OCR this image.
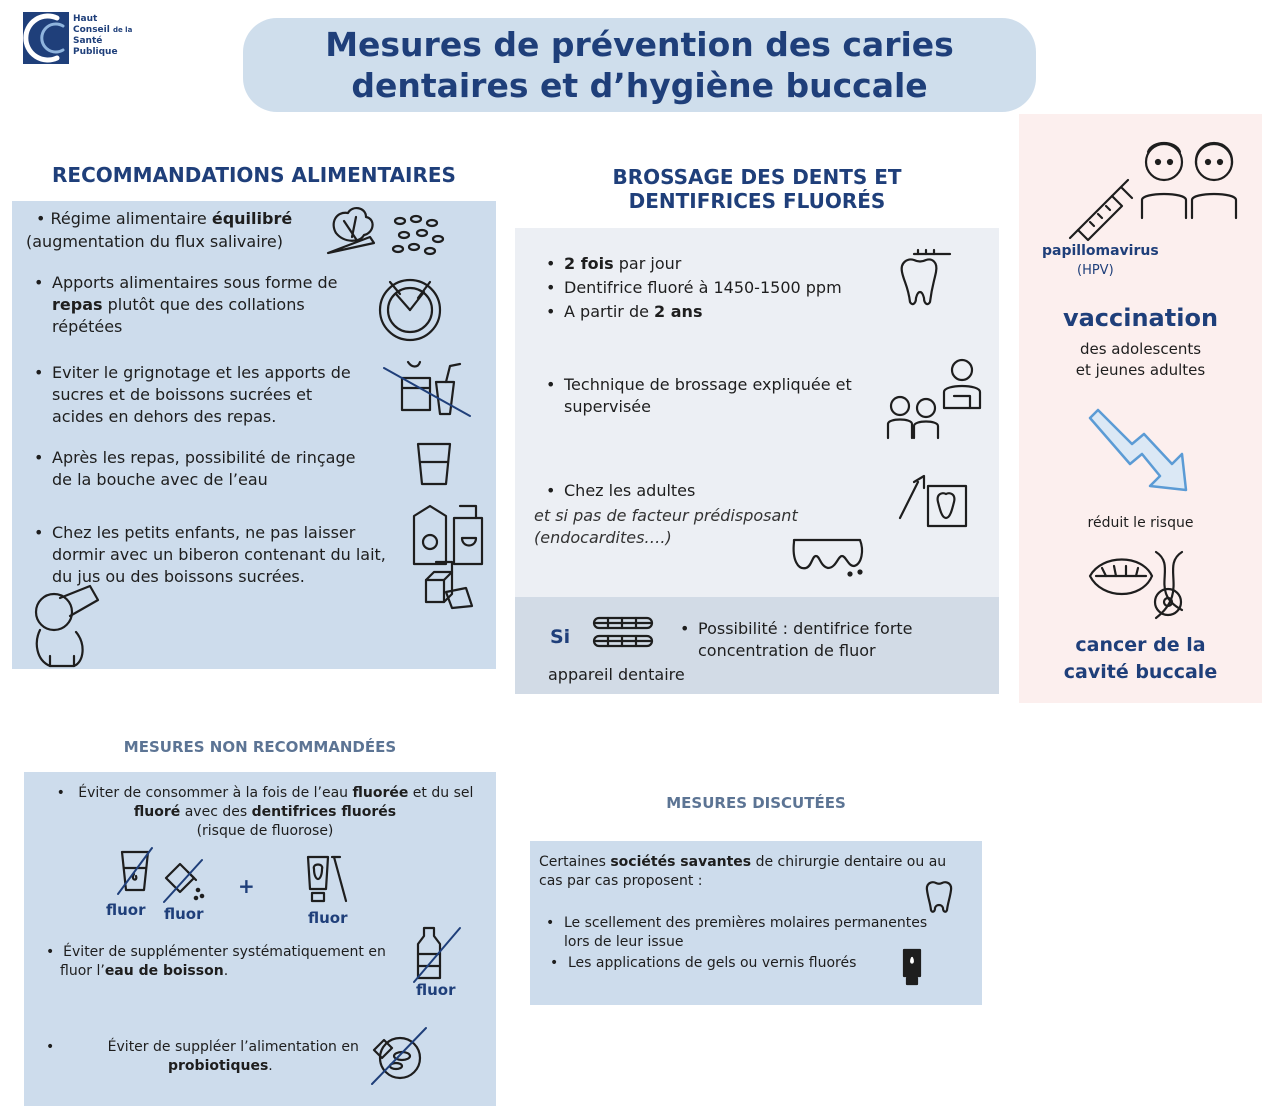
Haut
Conseil de la
Santé
Publique	Mesures de prévention des caries
dentaires et d’hygiène buccale
RECOMMANDATIONS ALIMENTAIRES
• Régime alimentaire équilibré
(augmentation du flux salivaire)
• Apports alimentaires sous forme de
repas plutôt que des collations
répétées
• Eviter le grignotage et les apports de
sucres et de boissons sucrées et
acides en dehors des repas.
• Après les repas, possibilité de rinçage
de la bouche avec de l’eau
• Chez les petits enfants, ne pas laisser
dormir avec un biberon contenant du lait,
du jus ou des boissons sucrées.
BROSSAGE DES DENTS ET
DENTIFRICES FLUORÉS
• 2 fois par jour
• Dentifrice fluoré à 1450-1500 ppm
• A partir de 2 ans
• Technique de brossage expliquée et
supervisée
• Chez les adultes
et si pas de facteur prédisposant
(endocardites….)
Si
appareil dentaire
• Possibilité : dentifrice forte
concentration de fluor
papillomavirus
(HPV)
vaccination
des adolescents
et jeunes adultes
réduit le risque
cancer de la
cavité buccale
MESURES NON RECOMMANDÉES
•   Éviter de consommer à la fois de l’eau fluorée et du sel
fluoré avec des dentifrices fluorés
(risque de fluorose)
fluor fluor
+
fluor
•  Éviter de supplémenter systématiquement en
fluor l’eau de boisson.
fluor
•            Éviter de suppléer l’alimentation en
probiotiques.
MESURES DISCUTÉES
Certaines sociétés savantes de chirurgie dentaire ou au
cas par cas proposent :
• Le scellement des premières molaires permanentes
lors de leur issue
• Les applications de gels ou vernis fluorés
